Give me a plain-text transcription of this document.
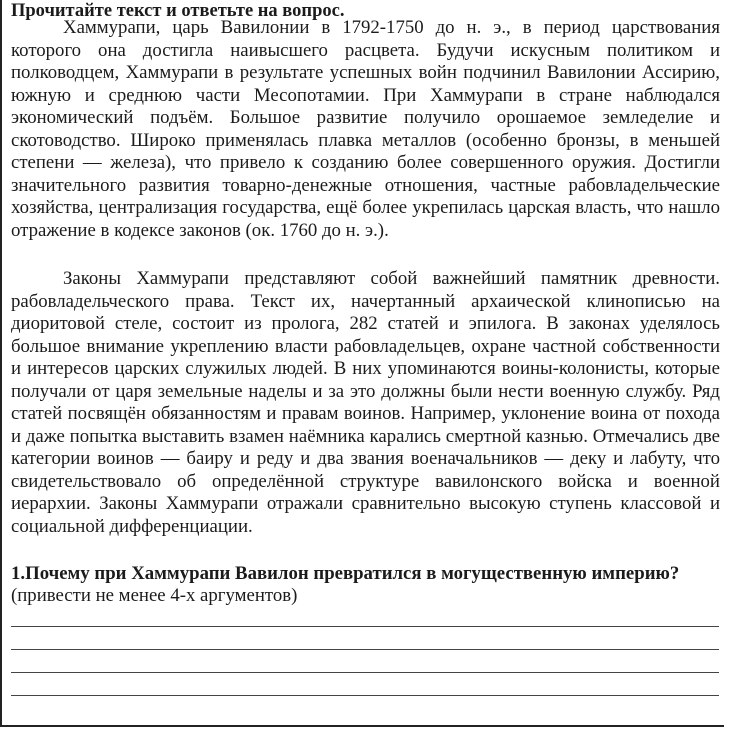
Прочитайте текст и ответьте на вопрос.

Хаммурапи, царь Вавилонии в 1792-1750 до н. э., в период царствования которого она достигла наивысшего расцвета. Будучи искусным политиком и полководцем, Хаммурапи в результате успешных войн подчинил Вавилонии Ассирию, южную и среднюю части Месопотамии. При Хаммурапи в стране наблюдался экономический подъём. Большое развитие получило орошаемое земледелие и скотоводство. Широко применялась плавка металлов (особенно бронзы, в меньшей степени — железа), что привело к созданию более совершенного оружия. Достигли значительного развития товарно-денежные отношения, частные рабовладельческие хозяйства, централизация государства, ещё более укрепилась царская власть, что нашло отражение в кодексе законов (ок. 1760 до н. э.).

Законы Хаммурапи представляют собой важнейший памятник древности. рабовладельческого права. Текст их, начертанный архаической клинописью на диоритовой стеле, состоит из пролога, 282 статей и эпилога. В законах уделялось большое внимание укреплению власти рабовладельцев, охране частной собственности и интересов царских служилых людей. В них упоминаются воины-колонисты, которые получали от царя земельные наделы и за это должны были нести военную службу. Ряд статей посвящён обязанностям и правам воинов. Например, уклонение воина от похода и даже попытка выставить взамен наёмника карались смертной казнью. Отмечались две категории воинов — баиру и реду и два звания военачальников — деку и лабуту, что свидетельствовало об определённой структуре вавилонского войска и военной иерархии. Законы Хаммурапи отражали сравнительно высокую ступень классовой и социальной дифференциации.

1.Почему при Хаммурапи Вавилон превратился в могущественную империю?
(привести не менее 4-х аргументов)
